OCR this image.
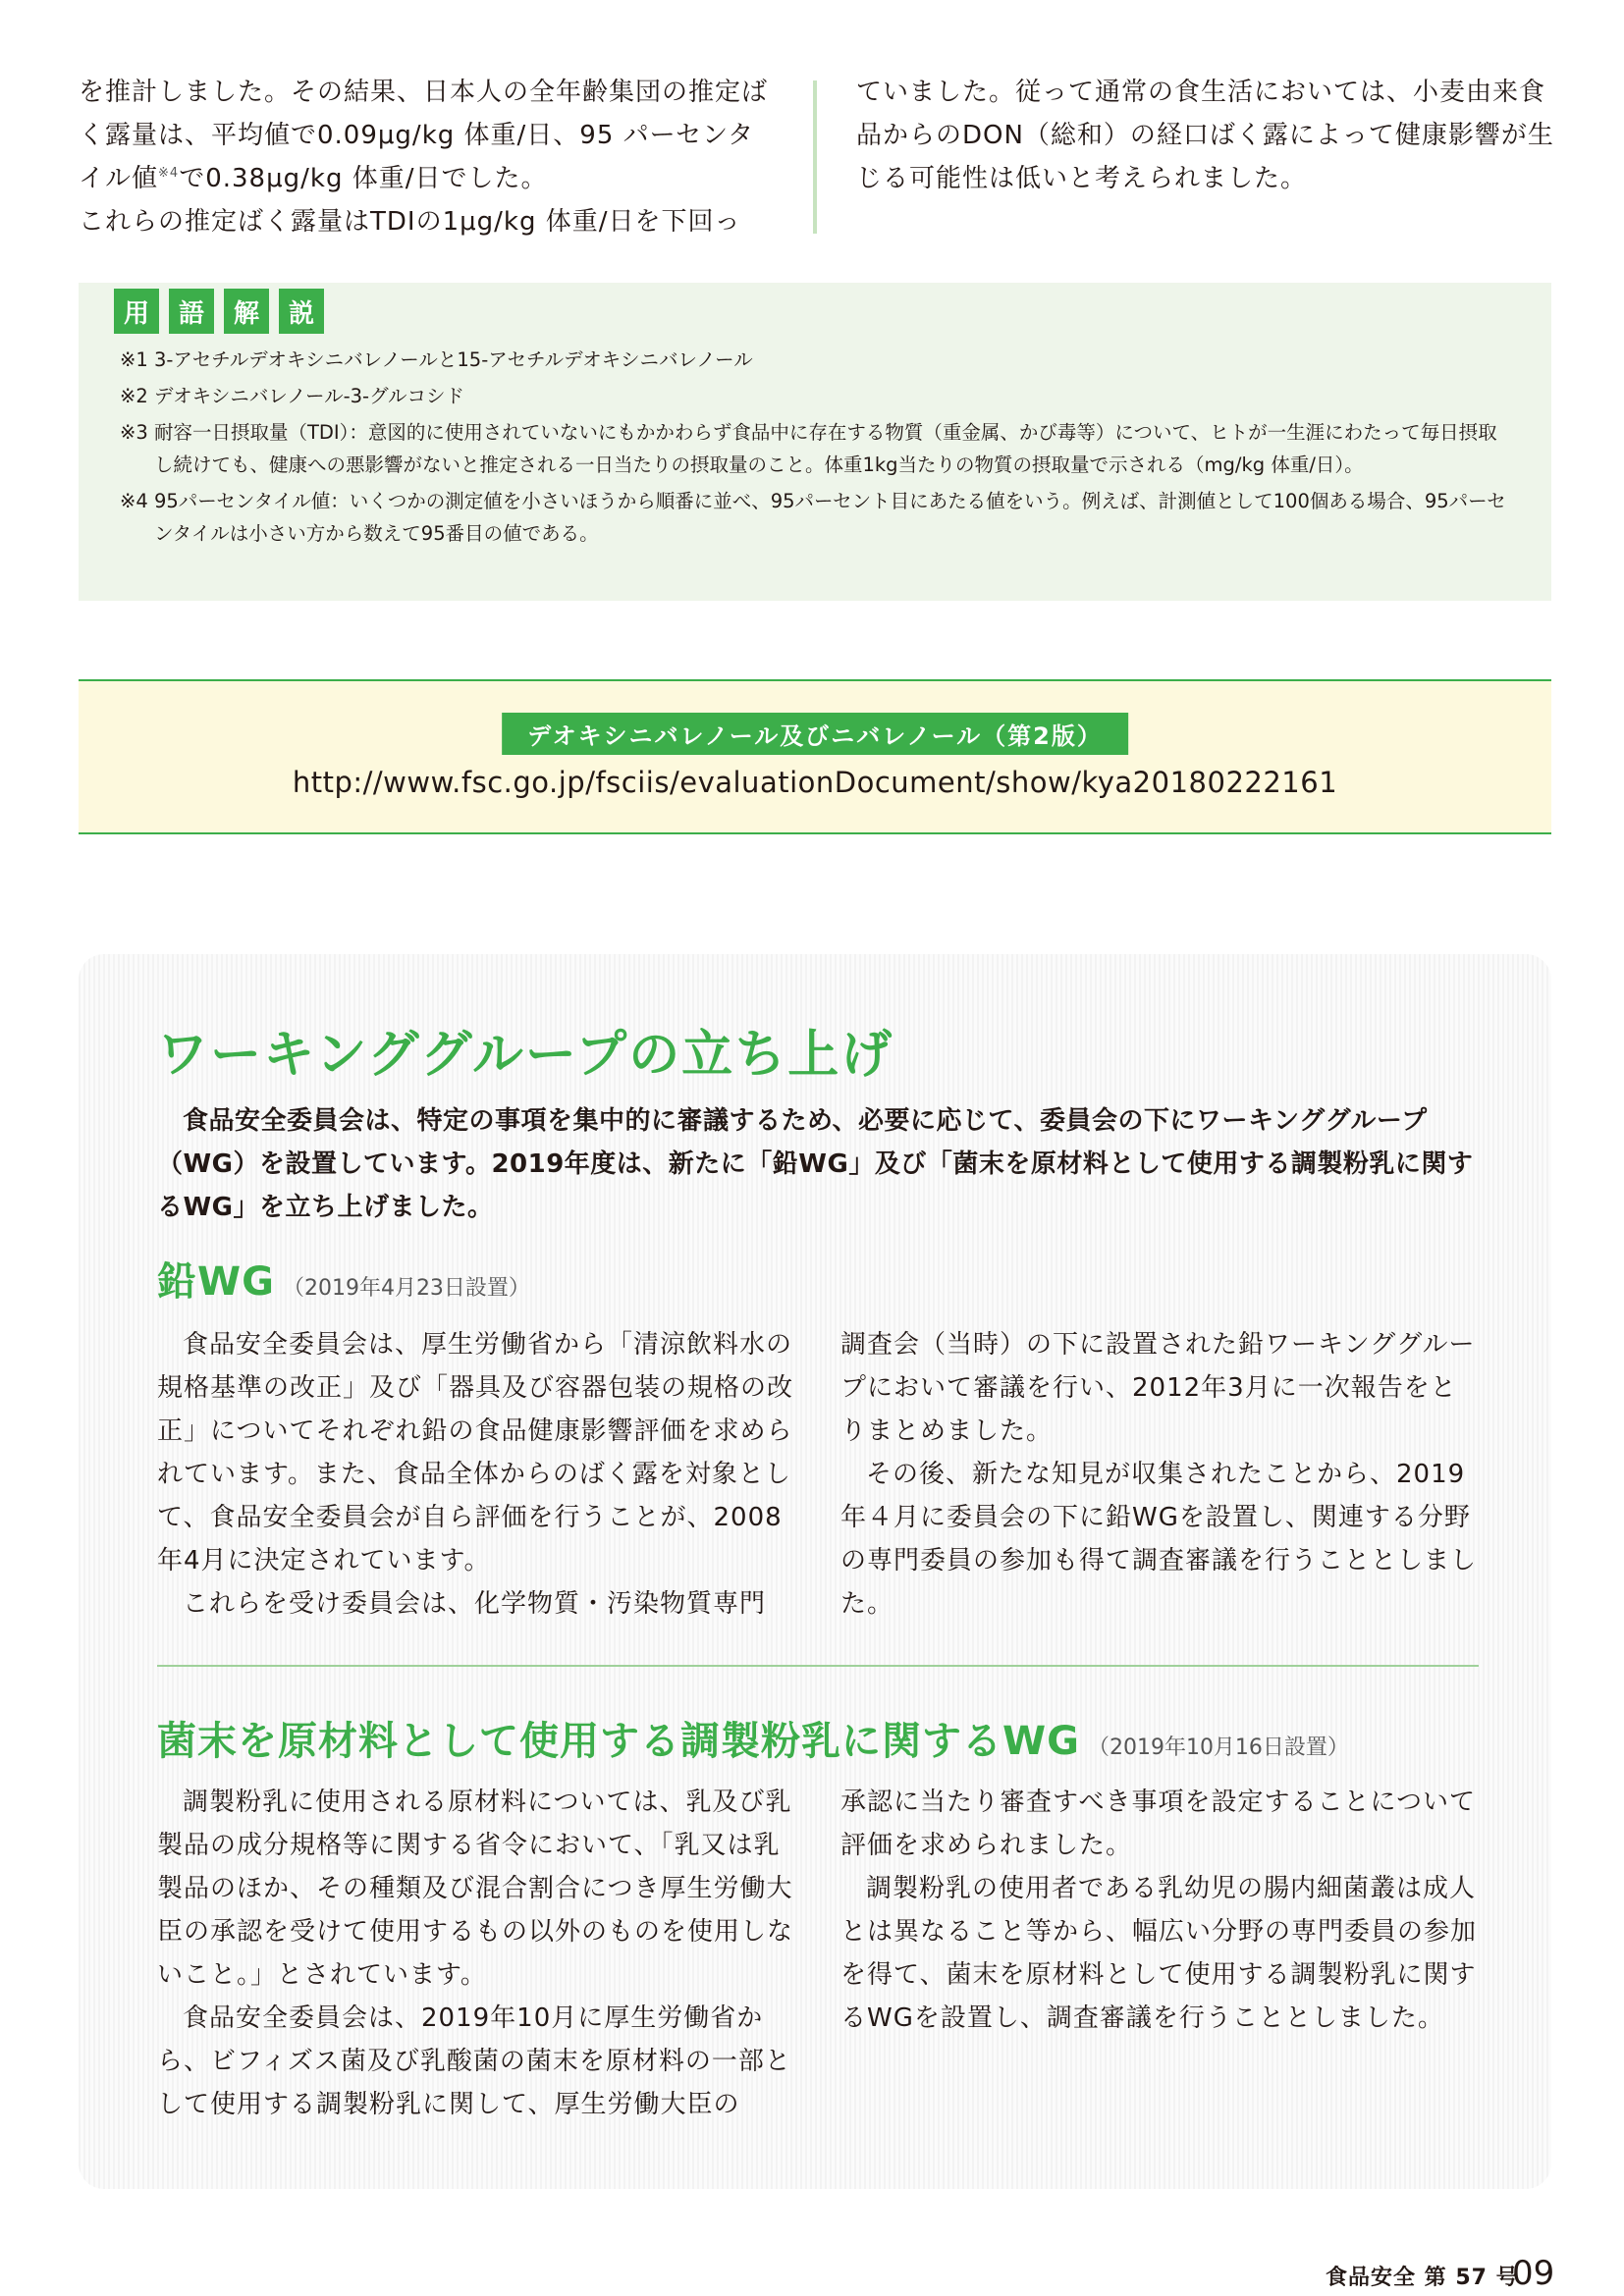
を推計しました。その結果、日本人の全年齢集団の推定ばく露量は、平均値で0.09μg/kg 体重/日、95 パーセンタイル値$^{※4}$で0.38μg/kg 体重/日でした。

これらの推定ばく露量はTDIの1μg/kg 体重/日を下回っ

ていました。従って通常の食生活においては、小麦由来食品からのDON（総和）の経口ばく露によって健康影響が生じる可能性は低いと考えられました。

用	語	解	説
※1 3-アセチルデオキシニバレノールと15-アセチルデオキシニバレノール
※2 デオキシニバレノール-3-グルコシド
※3 耐容一日摂取量（TDI）：意図的に使用されていないにもかかわらず食品中に存在する物質（重金属、かび毒等）について、ヒトが一生涯にわたって毎日摂取し続けても、健康への悪影響がないと推定される一日当たりの摂取量のこと。体重1kg当たりの物質の摂取量で示される（mg/kg 体重/日）。
※4 95パーセンタイル値：いくつかの測定値を小さいほうから順番に並べ、95パーセント目にあたる値をいう。例えば、計測値として100個ある場合、95パーセンタイルは小さい方から数えて95番目の値である。
デオキシニバレノール及びニバレノール（第2版）
http://www.fsc.go.jp/fsciis/evaluationDocument/show/kya20180222161
ワーキンググループの立ち上げ

食品安全委員会は、特定の事項を集中的に審議するため、必要に応じて、委員会の下にワーキンググループ（WG）を設置しています。2019年度は、新たに「鉛WG」及び「菌末を原材料として使用する調製粉乳に関するWG」を立ち上げました。

鉛WG （2019年4月23日設置）

食品安全委員会は、厚生労働省から「清涼飲料水の規格基準の改正」及び「器具及び容器包装の規格の改正」についてそれぞれ鉛の食品健康影響評価を求められています。また、食品全体からのばく露を対象として、食品安全委員会が自ら評価を行うことが、2008年4月に決定されています。

これらを受け委員会は、化学物質・汚染物質専門

調査会（当時）の下に設置された鉛ワーキンググループにおいて審議を行い、2012年3月に一次報告をとりまとめました。

その後、新たな知見が収集されたことから、2019年４月に委員会の下に鉛WGを設置し、関連する分野の専門委員の参加も得て調査審議を行うこととしました。

菌末を原材料として使用する調製粉乳に関するWG （2019年10月16日設置）

調製粉乳に使用される原材料については、乳及び乳製品の成分規格等に関する省令において、「乳又は乳製品のほか、その種類及び混合割合につき厚生労働大臣の承認を受けて使用するもの以外のものを使用しないこと。」とされています。

食品安全委員会は、2019年10月に厚生労働省から、ビフィズス菌及び乳酸菌の菌末を原材料の一部として使用する調製粉乳に関して、厚生労働大臣の

承認に当たり審査すべき事項を設定することについて評価を求められました。

調製粉乳の使用者である乳幼児の腸内細菌叢は成人とは異なること等から、幅広い分野の専門委員の参加を得て、菌末を原材料として使用する調製粉乳に関するWGを設置し、調査審議を行うこととしました。

食品安全 第 57 号
09
